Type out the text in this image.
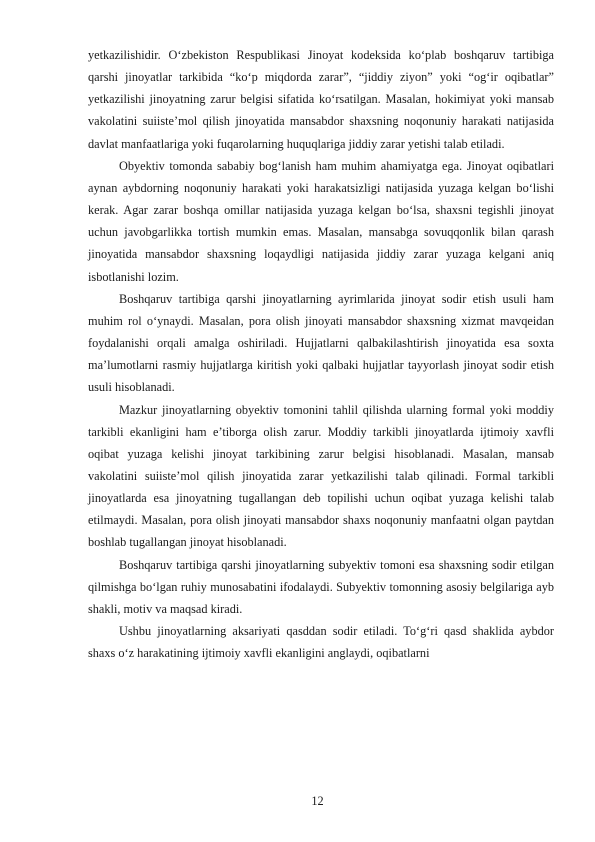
yetkazilishidir. O‘zbekiston Respublikasi Jinoyat kodeksida ko‘plab boshqaruv tartibiga qarshi jinoyatlar tarkibida “ko‘p miqdorda zarar”, “jiddiy ziyon” yoki “og‘ir oqibatlar” yetkazilishi jinoyatning zarur belgisi sifatida ko‘rsatilgan. Masalan, hokimiyat yoki mansab vakolatini suiiste’mol qilish jinoyatida mansabdor shaxsning noqonuniy harakati natijasida davlat manfaatlariga yoki fuqarolarning huquqlariga jiddiy zarar yetishi talab etiladi.

Obyektiv tomonda sababiy bog‘lanish ham muhim ahamiyatga ega. Jinoyat oqibatlari aynan aybdorning noqonuniy harakati yoki harakatsizligi natijasida yuzaga kelgan bo‘lishi kerak. Agar zarar boshqa omillar natijasida yuzaga kelgan bo‘lsa, shaxsni tegishli jinoyat uchun javobgarlikka tortish mumkin emas. Masalan, mansabga sovuqqonlik bilan qarash jinoyatida mansabdor shaxsning loqaydligi natijasida jiddiy zarar yuzaga kelgani aniq isbotlanishi lozim.

Boshqaruv tartibiga qarshi jinoyatlarning ayrimlarida jinoyat sodir etish usuli ham muhim rol o‘ynaydi. Masalan, pora olish jinoyati mansabdor shaxsning xizmat mavqeidan foydalanishi orqali amalga oshiriladi. Hujjatlarni qalbakilashtirish jinoyatida esa soxta ma’lumotlarni rasmiy hujjatlarga kiritish yoki qalbaki hujjatlar tayyorlash jinoyat sodir etish usuli hisoblanadi.

Mazkur jinoyatlarning obyektiv tomonini tahlil qilishda ularning formal yoki moddiy tarkibli ekanligini ham e’tiborga olish zarur. Moddiy tarkibli jinoyatlarda ijtimoiy xavfli oqibat yuzaga kelishi jinoyat tarkibining zarur belgisi hisoblanadi. Masalan, mansab vakolatini suiiste’mol qilish jinoyatida zarar yetkazilishi talab qilinadi. Formal tarkibli jinoyatlarda esa jinoyatning tugallangan deb topilishi uchun oqibat yuzaga kelishi talab etilmaydi. Masalan, pora olish jinoyati mansabdor shaxs noqonuniy manfaatni olgan paytdan boshlab tugallangan jinoyat hisoblanadi.

Boshqaruv tartibiga qarshi jinoyatlarning subyektiv tomoni esa shaxsning sodir etilgan qilmishga bo‘lgan ruhiy munosabatini ifodalaydi. Subyektiv tomonning asosiy belgilariga ayb shakli, motiv va maqsad kiradi.

Ushbu jinoyatlarning aksariyati qasddan sodir etiladi. To‘g‘ri qasd shaklida aybdor shaxs o‘z harakatining ijtimoiy xavfli ekanligini anglaydi, oqibatlarni

12
